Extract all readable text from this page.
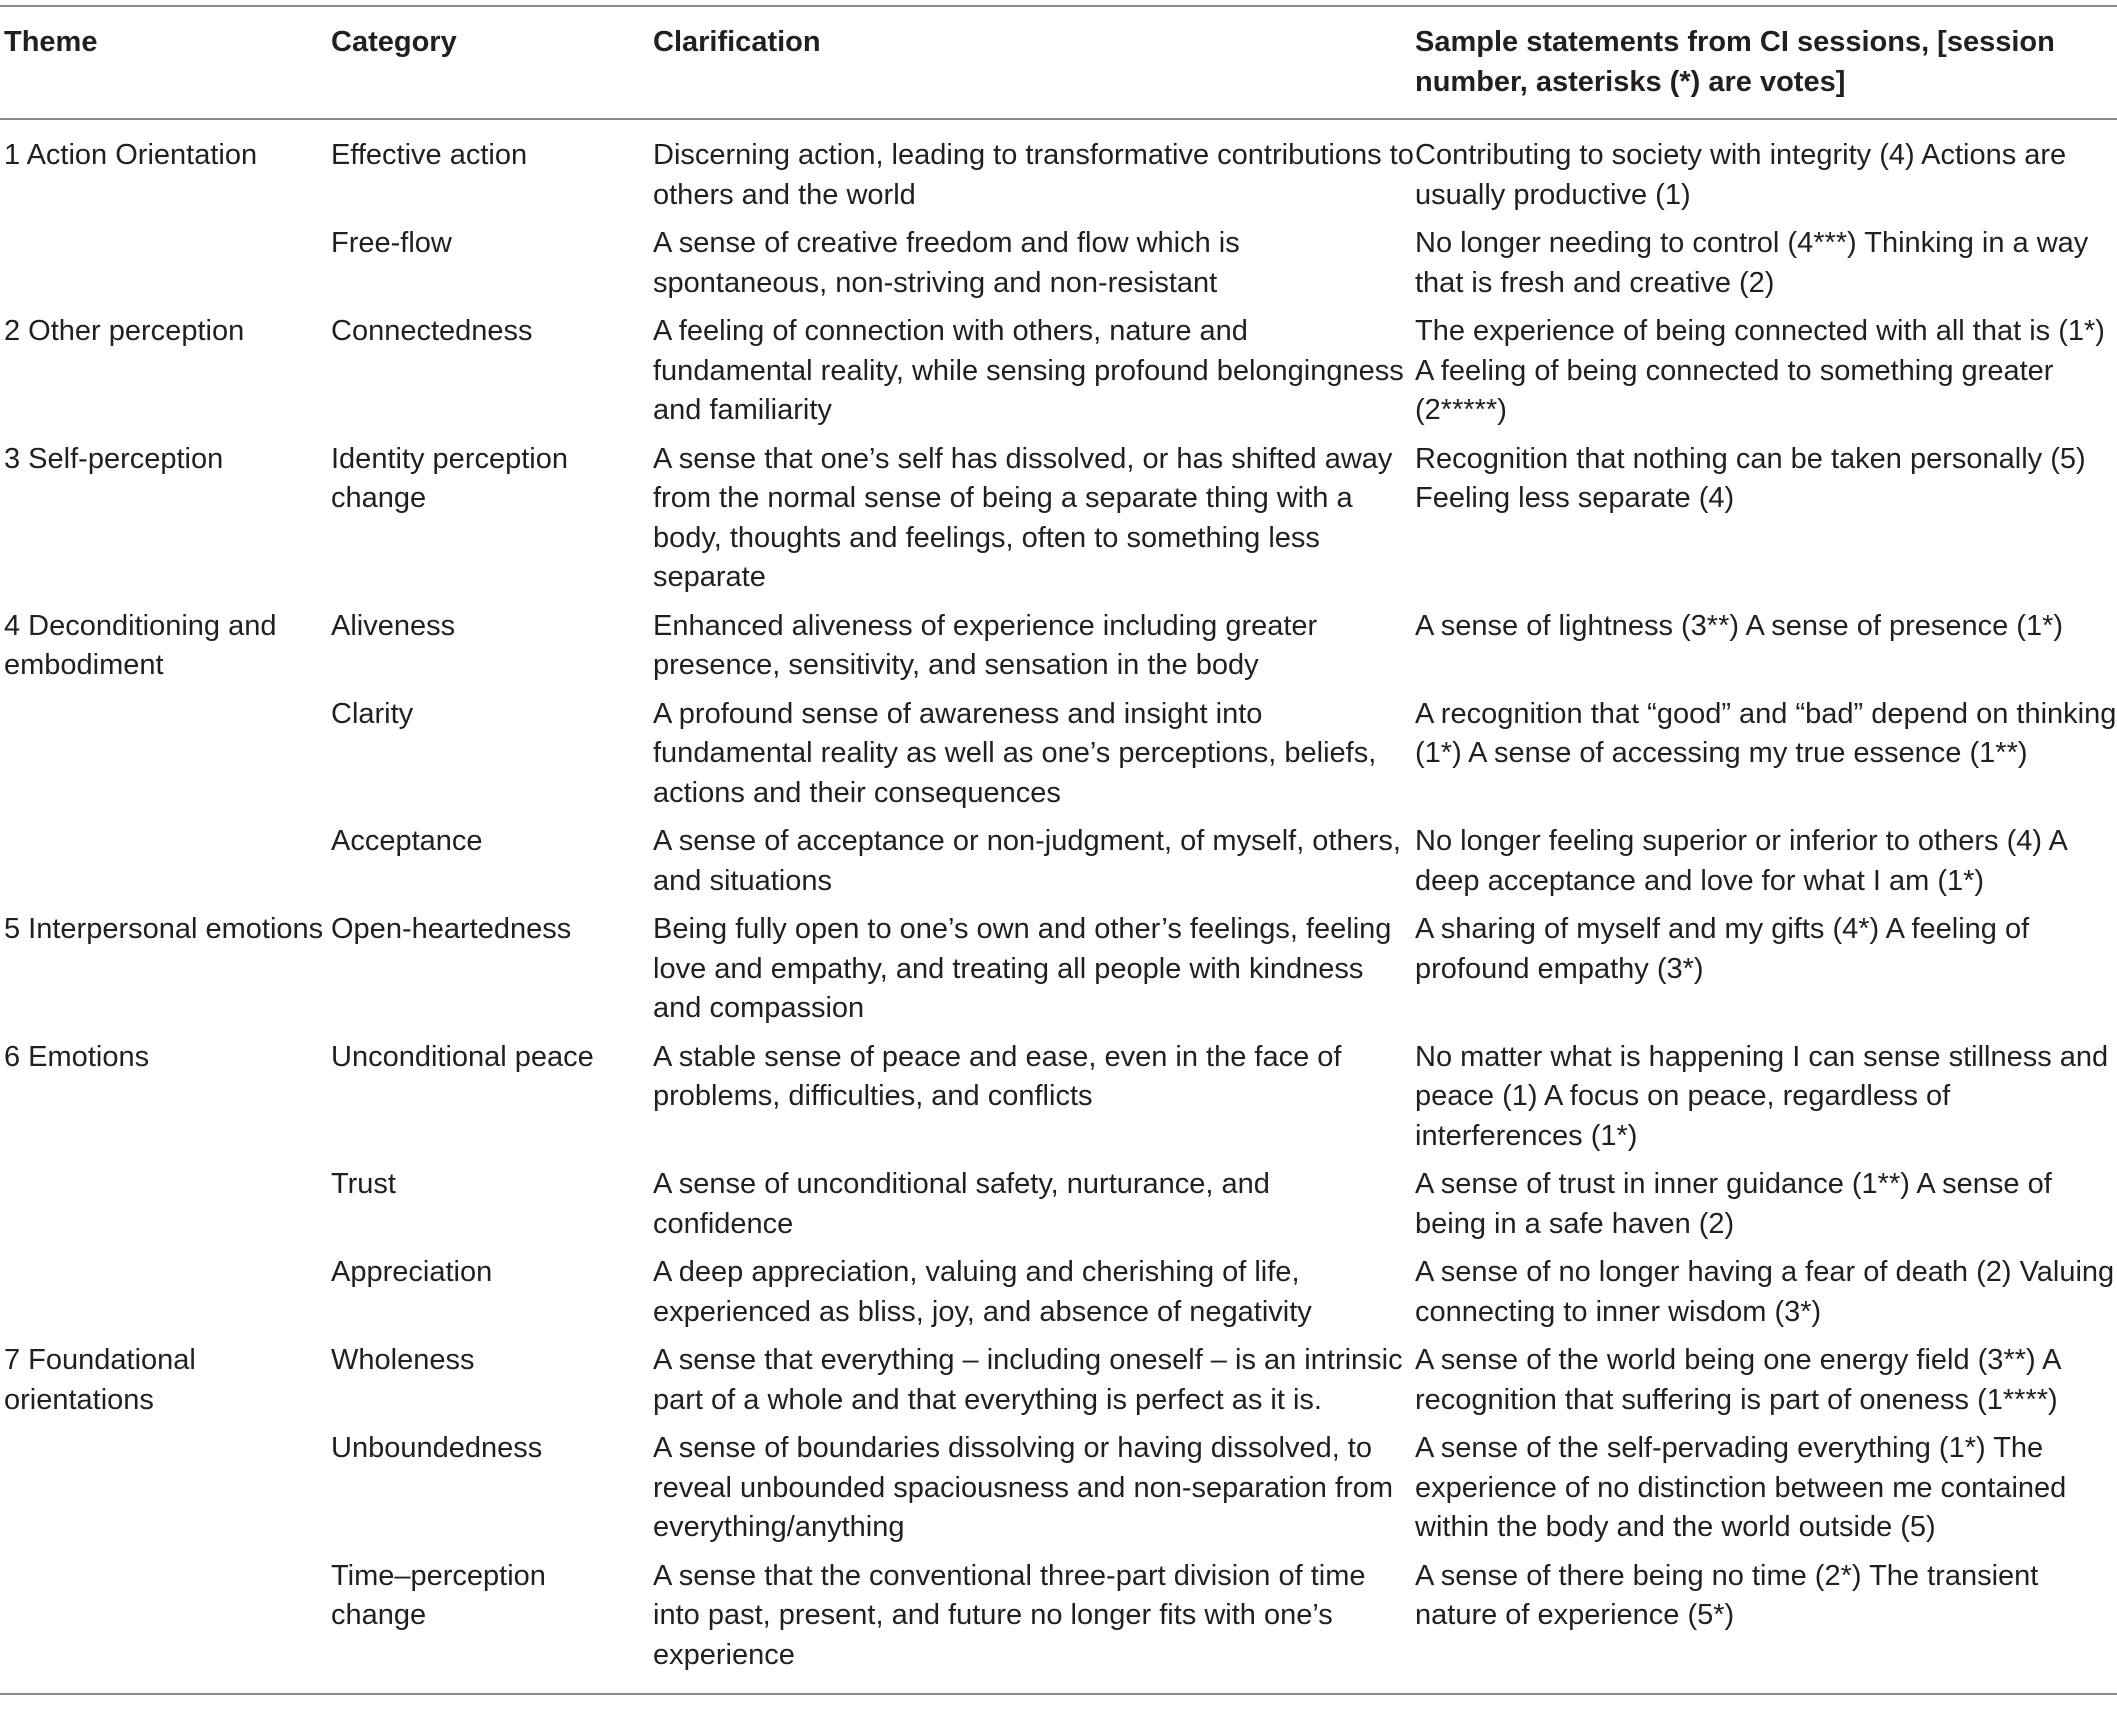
Theme	Category	Clarification	Sample statements from CI sessions, [session number, asterisks (*) are votes]
1 Action Orientation	Effective action	Discerning action, leading to transformative contributions to others and the world	Contributing to society with integrity (4) Actions are usually productive (1)
	Free-flow	A sense of creative freedom and flow which is spontaneous, non-striving and non-resistant	No longer needing to control (4***) Thinking in a way that is fresh and creative (2)
2 Other perception	Connectedness	A feeling of connection with others, nature and fundamental reality, while sensing profound belongingness and familiarity	The experience of being connected with all that is (1*) A feeling of being connected to something greater (2*****)
3 Self-perception	Identity perception change	A sense that one’s self has dissolved, or has shifted away from the normal sense of being a separate thing with a body, thoughts and feelings, often to something less separate	Recognition that nothing can be taken personally (5) Feeling less separate (4)
4 Deconditioning and embodiment	Aliveness	Enhanced aliveness of experience including greater presence, sensitivity, and sensation in the body	A sense of lightness (3**) A sense of presence (1*)
	Clarity	A profound sense of awareness and insight into fundamental reality as well as one’s perceptions, beliefs, actions and their consequences	A recognition that “good” and “bad” depend on thinking (1*) A sense of accessing my true essence (1**)
	Acceptance	A sense of acceptance or non-judgment, of myself, others, and situations	No longer feeling superior or inferior to others (4) A deep acceptance and love for what I am (1*)
5 Interpersonal emotions	Open-heartedness	Being fully open to one’s own and other’s feelings, feeling love and empathy, and treating all people with kindness and compassion	A sharing of myself and my gifts (4*) A feeling of profound empathy (3*)
6 Emotions	Unconditional peace	A stable sense of peace and ease, even in the face of problems, difficulties, and conflicts	No matter what is happening I can sense stillness and peace (1) A focus on peace, regardless of interferences (1*)
	Trust	A sense of unconditional safety, nurturance, and confidence	A sense of trust in inner guidance (1**) A sense of being in a safe haven (2)
	Appreciation	A deep appreciation, valuing and cherishing of life, experienced as bliss, joy, and absence of negativity	A sense of no longer having a fear of death (2) Valuing connecting to inner wisdom (3*)
7 Foundational orientations	Wholeness	A sense that everything – including oneself – is an intrinsic part of a whole and that everything is perfect as it is.	A sense of the world being one energy field (3**) A recognition that suffering is part of oneness (1****)
	Unboundedness	A sense of boundaries dissolving or having dissolved, to reveal unbounded spaciousness and non-separation from everything/anything	A sense of the self-pervading everything (1*) The experience of no distinction between me contained within the body and the world outside (5)
	Time–perception change	A sense that the conventional three-part division of time into past, present, and future no longer fits with one’s experience	A sense of there being no time (2*) The transient nature of experience (5*)
